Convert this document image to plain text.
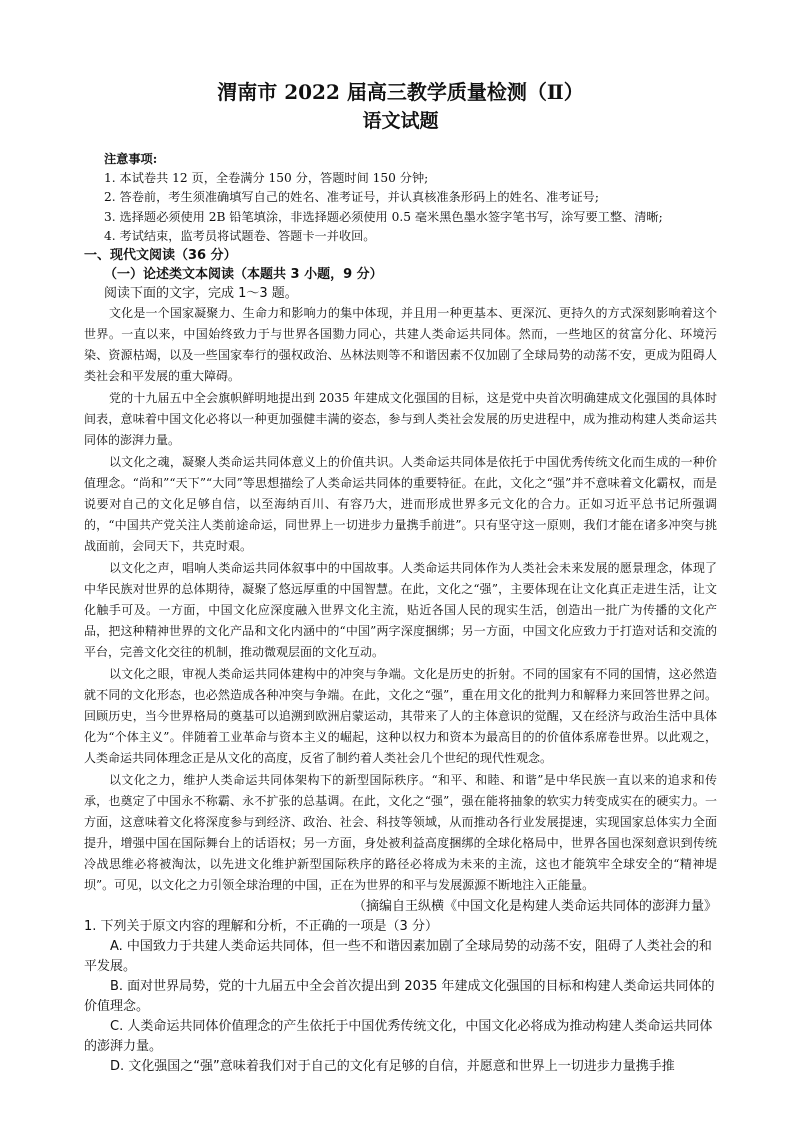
渭南市 2022 届高三教学质量检测（Ⅱ）
语文试题
注意事项:
1. 本试卷共 12 页，全卷满分 150 分，答题时间 150 分钟;
2. 答卷前，考生须准确填写自己的姓名、准考证号，并认真核准条形码上的姓名、准考证号;
3. 选择题必须使用 2B 铅笔填涂，非选择题必须使用 0.5 毫米黑色墨水签字笔书写，涂写要工整、清晰;
4. 考试结束，监考员将试题卷、答题卡一并收回。
一、现代文阅读（36 分）
（一）论述类文本阅读（本题共 3 小题，9 分）
阅读下面的文字，完成 1～3 题。

文化是一个国家凝聚力、生命力和影响力的集中体现，并且用一种更基本、更深沉、更持久的方式深刻影响着这个世界。一直以来，中国始终致力于与世界各国勠力同心，共建人类命运共同体。然而，一些地区的贫富分化、环境污染、资源枯竭，以及一些国家奉行的强权政治、丛林法则等不和谐因素不仅加剧了全球局势的动荡不安，更成为阻碍人类社会和平发展的重大障碍。

党的十九届五中全会旗帜鲜明地提出到 2035 年建成文化强国的目标，这是党中央首次明确建成文化强国的具体时间表，意味着中国文化必将以一种更加强健丰满的姿态，参与到人类社会发展的历史进程中，成为推动构建人类命运共同体的澎湃力量。

以文化之魂，凝聚人类命运共同体意义上的价值共识。人类命运共同体是依托于中国优秀传统文化而生成的一种价值理念。“尚和”“天下”“大同”等思想描绘了人类命运共同体的重要特征。在此，文化之“强”并不意味着文化霸权，而是说要对自己的文化足够自信，以至海纳百川、有容乃大，进而形成世界多元文化的合力。正如习近平总书记所强调的，“中国共产党关注人类前途命运，同世界上一切进步力量携手前进”。只有坚守这一原则，我们才能在诸多冲突与挑战面前，会同天下，共克时艰。

以文化之声，唱响人类命运共同体叙事中的中国故事。人类命运共同体作为人类社会未来发展的愿景理念，体现了中华民族对世界的总体期待，凝聚了悠远厚重的中国智慧。在此，文化之“强”，主要体现在让文化真正走进生活，让文化触手可及。一方面，中国文化应深度融入世界文化主流，贴近各国人民的现实生活，创造出一批广为传播的文化产品，把这种精神世界的文化产品和文化内涵中的“中国”两字深度捆绑；另一方面，中国文化应致力于打造对话和交流的平台，完善文化交往的机制，推动微观层面的文化互动。

以文化之眼，审视人类命运共同体建构中的冲突与争端。文化是历史的折射。不同的国家有不同的国情，这必然造就不同的文化形态，也必然造成各种冲突与争端。在此，文化之“强”，重在用文化的批判力和解释力来回答世界之问。回顾历史，当今世界格局的奠基可以追溯到欧洲启蒙运动，其带来了人的主体意识的觉醒，又在经济与政治生活中具体化为“个体主义”。伴随着工业革命与资本主义的崛起，这种以权力和资本为最高目的的价值体系席卷世界。以此观之，人类命运共同体理念正是从文化的高度，反省了制约着人类社会几个世纪的现代性观念。

以文化之力，维护人类命运共同体架构下的新型国际秩序。“和平、和睦、和谐”是中华民族一直以来的追求和传承，也奠定了中国永不称霸、永不扩张的总基调。在此，文化之“强”，强在能将抽象的软实力转变成实在的硬实力。一方面，这意味着文化将深度参与到经济、政治、社会、科技等领域，从而推动各行业发展提速，实现国家总体实力全面提升，增强中国在国际舞台上的话语权；另一方面，身处被利益高度捆绑的全球化格局中，世界各国也深刻意识到传统冷战思维必将被淘汰，以先进文化维护新型国际秩序的路径必将成为未来的主流，这也才能筑牢全球安全的“精神堤坝”。可见，以文化之力引领全球治理的中国，正在为世界的和平与发展源源不断地注入正能量。

（摘编自王纵横《中国文化是构建人类命运共同体的澎湃力量》
1. 下列关于原文内容的理解和分析，不正确的一项是（3 分）
A. 中国致力于共建人类命运共同体，但一些不和谐因素加剧了全球局势的动荡不安，阻碍了人类社会的和平发展。
B. 面对世界局势，党的十九届五中全会首次提出到 2035 年建成文化强国的目标和构建人类命运共同体的价值理念。
C. 人类命运共同体价值理念的产生依托于中国优秀传统文化，中国文化必将成为推动构建人类命运共同体的澎湃力量。
D. 文化强国之“强”意味着我们对于自己的文化有足够的自信，并愿意和世界上一切进步力量携手推
